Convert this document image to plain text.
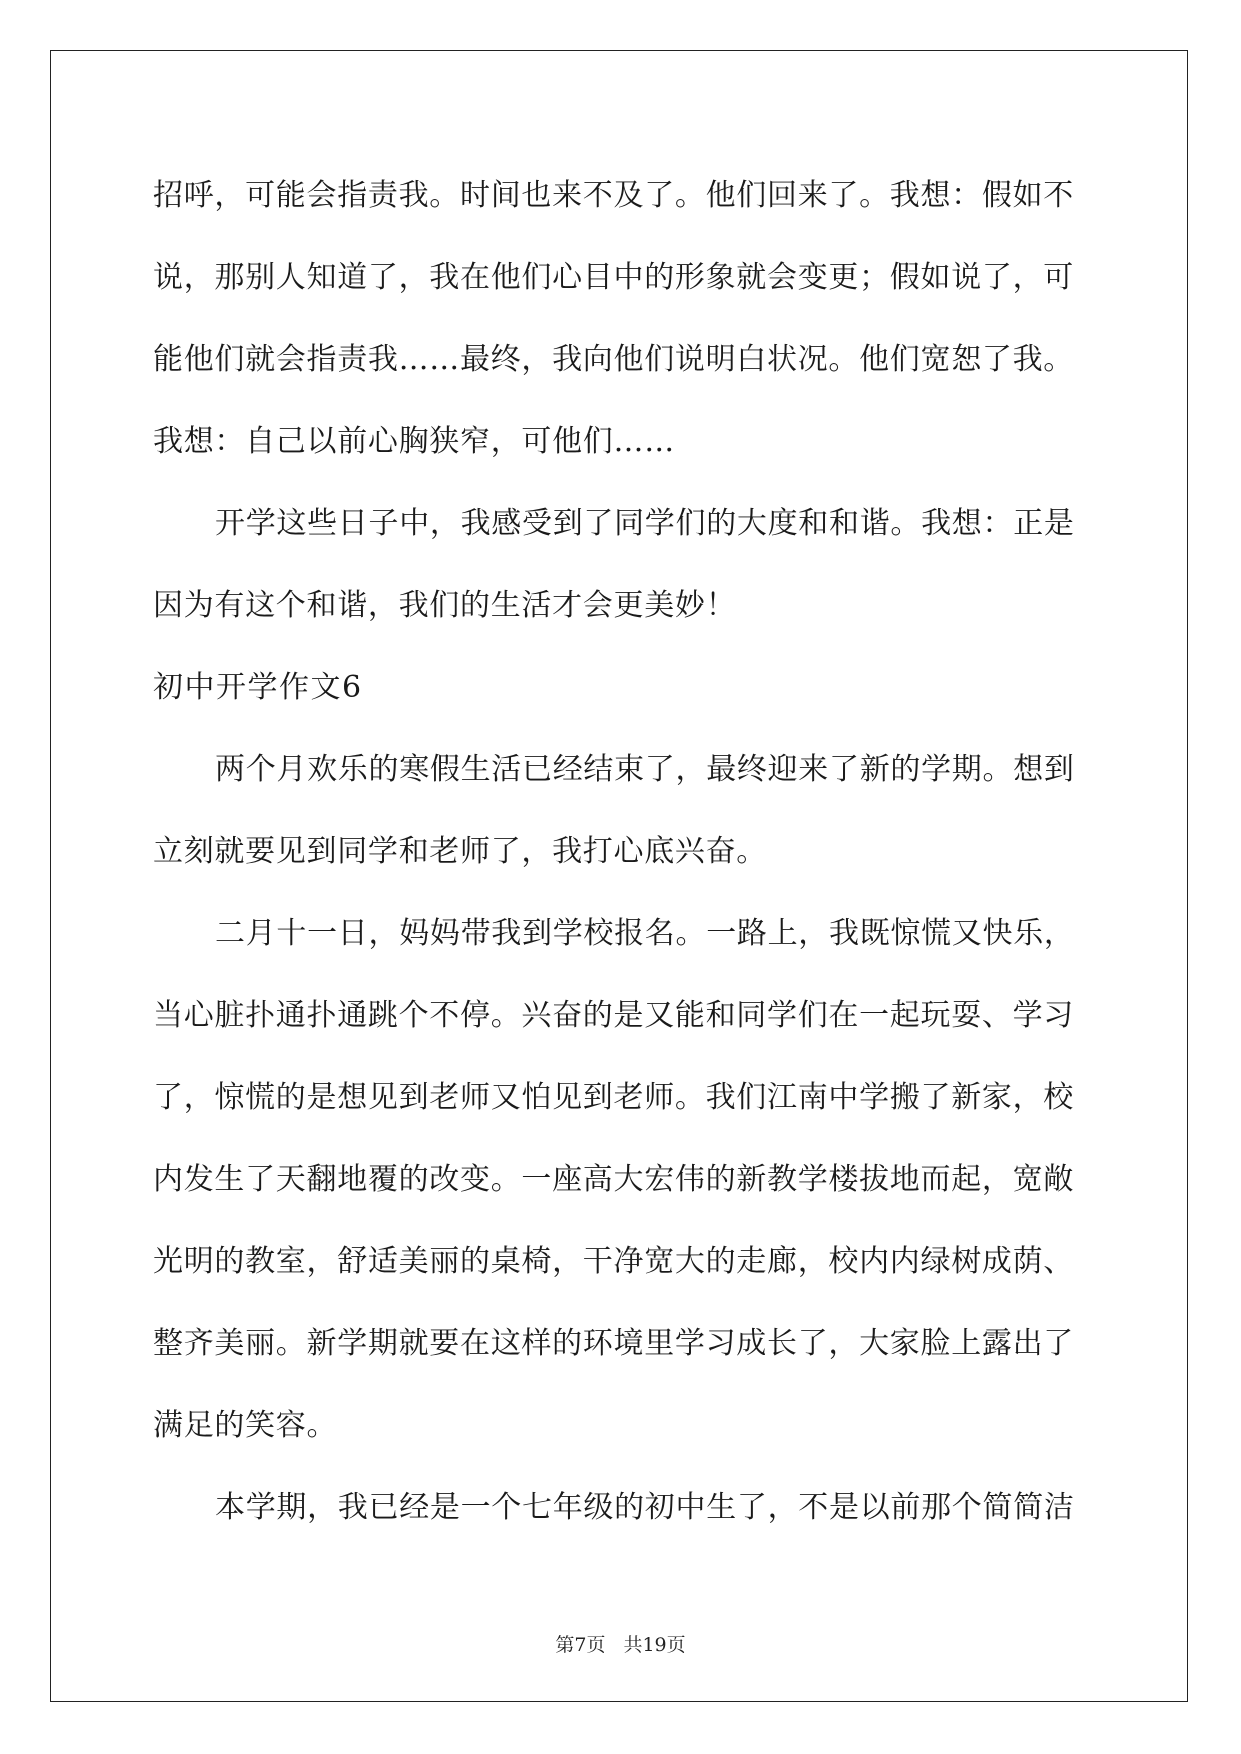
招呼，可能会指责我。时间也来不及了。他们回来了。我想：假如不
说，那别人知道了，我在他们心目中的形象就会变更；假如说了，可
能他们就会指责我……最终，我向他们说明白状况。他们宽恕了我。
我想：自己以前心胸狭窄，可他们……
开学这些日子中，我感受到了同学们的大度和和谐。我想：正是
因为有这个和谐，我们的生活才会更美妙！
初中开学作文6
两个月欢乐的寒假生活已经结束了，最终迎来了新的学期。想到
立刻就要见到同学和老师了，我打心底兴奋。
二月十一日，妈妈带我到学校报名。一路上，我既惊慌又快乐，
当心脏扑通扑通跳个不停。兴奋的是又能和同学们在一起玩耍、学习
了，惊慌的是想见到老师又怕见到老师。我们江南中学搬了新家，校
内发生了天翻地覆的改变。一座高大宏伟的新教学楼拔地而起，宽敞
光明的教室，舒适美丽的桌椅，干净宽大的走廊，校内内绿树成荫、
整齐美丽。新学期就要在这样的环境里学习成长了，大家脸上露出了
满足的笑容。
本学期，我已经是一个七年级的初中生了，不是以前那个简简洁
第7页 共19页
